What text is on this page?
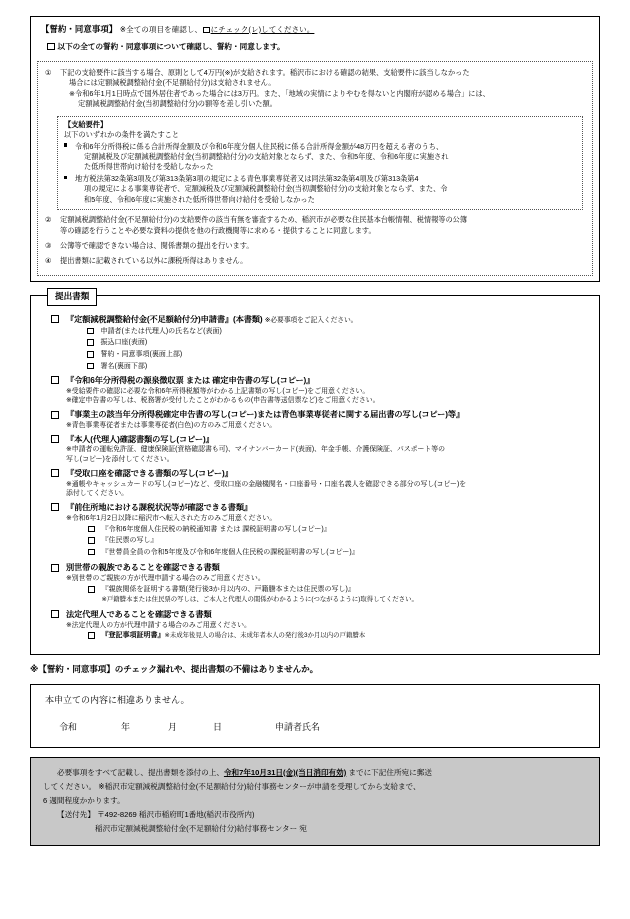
【誓約・同意事項】 ※全ての項目を確認し、 にチェック(レ)してください。
以下の全ての誓約・同意事項について確認し、誓約・同意します。
①	下記の支給要件に該当する場合、原則として4万円(※)が支給されます。稲沢市における確認の結果、支給要件に該当しなかった
場合には定額減税調整給付金(不足額給付分)は支給されません。
※令和6年1月1日時点で国外居住者であった場合には3万円。また、「地域の実情によりやむを得ないと内閣府が認める場合」には、
定額減税調整給付金(当初調整給付分)の額等を差し引いた額。
【支給要件】
以下のいずれかの条件を満たすこと
令和6年分所得税に係る合計所得金額及び令和6年度分個人住民税に係る合計所得金額が48万円を超える者のうち、
定額減税及び定額減税調整給付金(当初調整給付分)の支給対象とならず、また、令和5年度、令和6年度に実施され
た低所得世帯向け給付を受給しなかった
地方税法第32条第3項及び第313条第3項の規定による青色事業専従者又は同法第32条第4項及び第313条第4
項の規定による事業専従者で、定額減税及び定額減税調整給付金(当初調整給付分)の支給対象とならず、また、令
和5年度、令和6年度に実施された低所得世帯向け給付を受給しなかった
②	定額減税調整給付金(不足額給付分)の支給要件の該当有無を審査するため、稲沢市が必要な住民基本台帳情報、税情報等の公簿
等の確認を行うことや必要な資料の提供を他の行政機関等に求める・提供することに同意します。
③	公簿等で確認できない場合は、関係書類の提出を行います。
④	提出書類に記載されている以外に課税所得はありません。
提出書類
『定額減税調整給付金(不足額給付分)申請書』(本書類) ※必要事項をご記入ください。
申請者(または代理人)の氏名など(表面)
振込口座(表面)
誓約・同意事項(裏面上部)
署名(裏面下部)
『令和6年分所得税の源泉徴収票 または 確定申告書の写し(コピー)』
※受給要件の確認に必要な令和6年所得税額等がわかる上記書類の写し(コピー)をご用意ください。
※確定申告書の写しは、税務署が受付したことがわかるもの(申告書等送信票など)をご用意ください。
『事業主の該当年分所得税確定申告書の写し(コピー)または青色事業専従者に関する届出書の写し(コピー)等』
※青色事業専従者または事業専従者(白色)の方のみご用意ください。
『本人(代理人)確認書類の写し(コピー)』
※申請者の運転免許証、健康保険証(資格確認書も可)、マイナンバーカード(表面)、年金手帳、介護保険証、パスポート等の
写し(コピー)を添付してください。
『受取口座を確認できる書類の写し(コピー)』
※通帳やキャッシュカードの写し(コピー)など、受取口座の金融機関名・口座番号・口座名義人を確認できる部分の写し(コピー)を
添付してください。
『前住所地における課税状況等が確認できる書類』
※令和6年1月2日以降に稲沢市へ転入された方のみご用意ください。
『令和6年度個人住民税の納税通知書 または 課税証明書の写し(コピー)』
『住民票の写し』
『世帯員全員の令和5年度及び令和6年度個人住民税の課税証明書の写し(コピー)』
別世帯の親族であることを確認できる書類
※別世帯のご親族の方が代理申請する場合のみご用意ください。
『親族関係を証明する書類(発行後3か月以内の、戸籍謄本または住民票の写し)』
※戸籍謄本または住民票の写しは、ご本人と代理人の関係がわかるように(つながるように)取得してください。
法定代理人であることを確認できる書類
※法定代理人の方が代理申請する場合のみご用意ください。
『登記事項証明書』※未成年後見人の場合は、未成年者本人の発行後3か月以内の戸籍謄本
※【誓約・同意事項】のチェック漏れや、提出書類の不備はありませんか。
本申立ての内容に相違ありません。
令和	年	月	日	申請者氏名
必要事項をすべて記載し、提出書類を添付の上、令和7年10月31日(金)(当日消印有効) までに下記住所宛に郵送
してください。 ※稲沢市定額減税調整給付金(不足額給付分)給付事務センターが申請を受理してから支給まで、
6 週間程度かかります。
【送付先】 〒492-8269 稲沢市稲府町1番地(稲沢市役所内)
稲沢市定額減税調整給付金(不足額給付分)給付事務センター 宛
